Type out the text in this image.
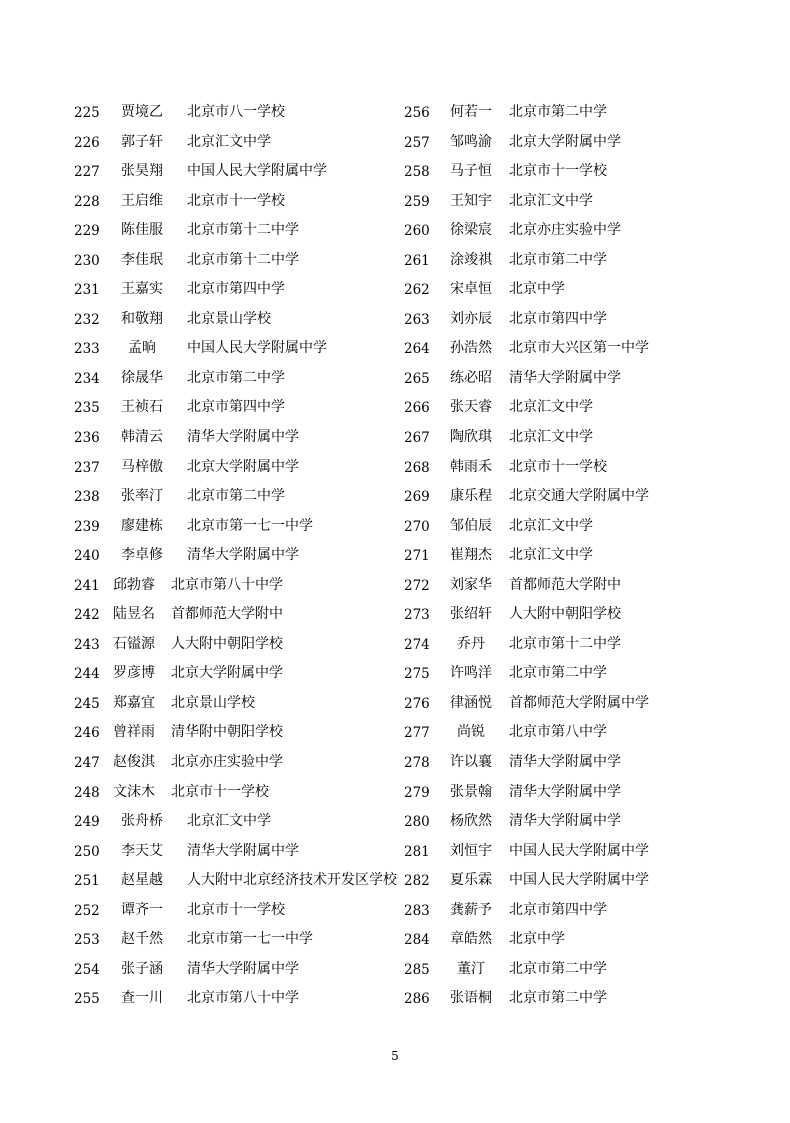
225 贾境乙 北京市八一学校
226 郭子轩 北京汇文中学
227 张昊翔 中国人民大学附属中学
228 王启维 北京市十一学校
229 陈佳服 北京市第十二中学
230 李佳珉 北京市第十二中学
231 王嘉实 北京市第四中学
232 和敬翔 北京景山学校
233 孟晌 中国人民大学附属中学
234 徐晟华 北京市第二中学
235 王祯石 北京市第四中学
236 韩清云 清华大学附属中学
237 马梓傲 北京大学附属中学
238 张率汀 北京市第二中学
239 廖建栋 北京市第一七一中学
240 李卓修 清华大学附属中学
241 邱勃睿 北京市第八十中学
242 陆昱名 首都师范大学附中
243 石镒源 人大附中朝阳学校
244 罗彦博 北京大学附属中学
245 郑嘉宜 北京景山学校
246 曾祥雨 清华附中朝阳学校
247 赵俊淇 北京亦庄实验中学
248 文沫木 北京市十一学校
249 张舟桥 北京汇文中学
250 李天艾 清华大学附属中学
251 赵星越 人大附中北京经济技术开发区学校
252 谭齐一 北京市十一学校
253 赵千然 北京市第一七一中学
254 张子涵 清华大学附属中学
255 查一川 北京市第八十中学
256 何若一 北京市第二中学
257 邹鸣渝 北京大学附属中学
258 马子恒 北京市十一学校
259 王知宇 北京汇文中学
260 徐梁宸 北京亦庄实验中学
261 涂竣祺 北京市第二中学
262 宋卓恒 北京中学
263 刘亦辰 北京市第四中学
264 孙浩然 北京市大兴区第一中学
265 练必昭 清华大学附属中学
266 张天睿 北京汇文中学
267 陶欣琪 北京汇文中学
268 韩雨禾 北京市十一学校
269 康乐程 北京交通大学附属中学
270 邹伯辰 北京汇文中学
271 崔翔杰 北京汇文中学
272 刘家华 首都师范大学附中
273 张绍轩 人大附中朝阳学校
274 乔丹 北京市第十二中学
275 许鸣洋 北京市第二中学
276 律涵悦 首都师范大学附属中学
277 尚锐 北京市第八中学
278 许以襄 清华大学附属中学
279 张景翰 清华大学附属中学
280 杨欣然 清华大学附属中学
281 刘恒宇 中国人民大学附属中学
282 夏乐霖 中国人民大学附属中学
283 龚薪予 北京市第四中学
284 章皓然 北京中学
285 董汀 北京市第二中学
286 张语桐 北京市第二中学
5
